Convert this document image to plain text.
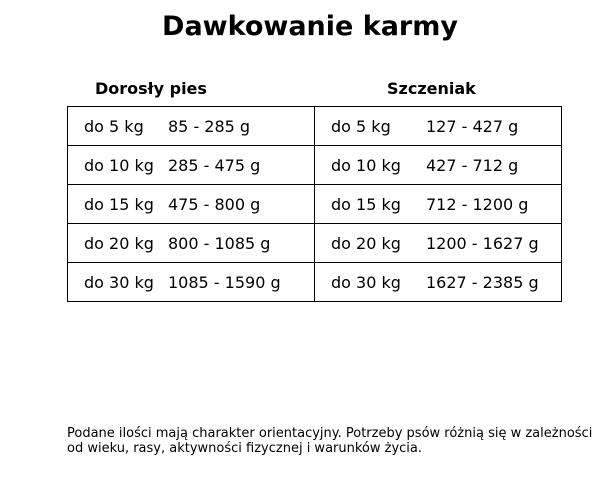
Dawkowanie karmy
Dorosły pies	Szczeniak
do 5 kg 85 - 285 g	do 5 kg 127 - 427 g

do 10 kg 285 - 475 g	do 10 kg 427 - 712 g

do 15 kg 475 - 800 g	do 15 kg 712 - 1200 g

do 20 kg 800 - 1085 g	do 20 kg 1200 - 1627 g

do 30 kg 1085 - 1590 g	do 30 kg 1627 - 2385 g
Podane ilości mają charakter orientacyjny. Potrzeby psów różnią się w zależności
od wieku, rasy, aktywności fizycznej i warunków życia.
